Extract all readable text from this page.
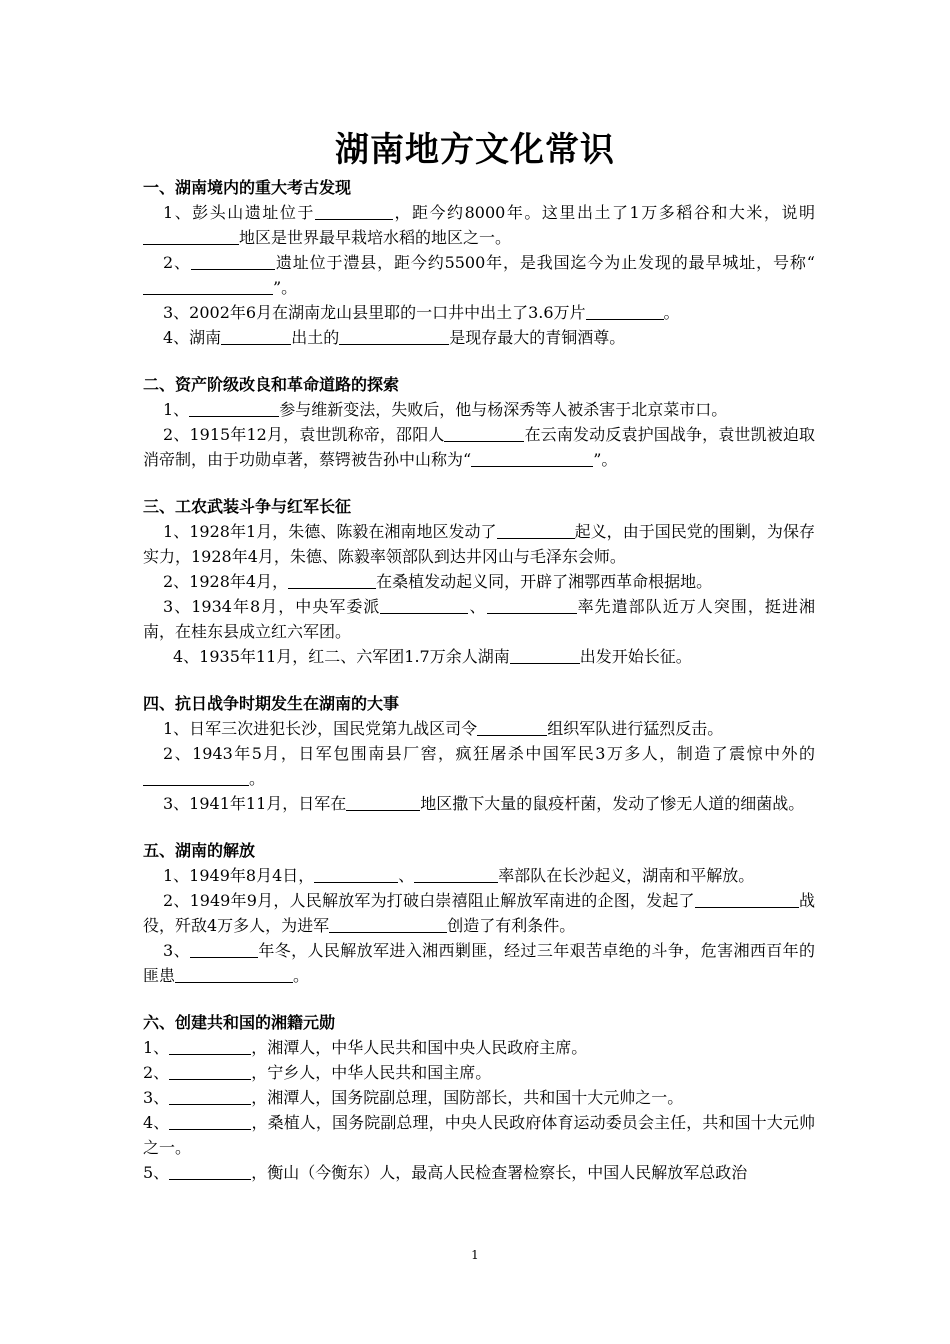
湖南地方文化常识
一、湖南境内的重大考古发现

1、彭头山遗址位于	，距今约8000年。这里出土了1万多稻谷和大米，说明地区是世界最早栽培水稻的地区之一。

2、	遗址位于澧县，距今约5500年，是我国迄今为止发现的最早城址，号称“”。

3、2002年6月在湖南龙山县里耶的一口井中出土了3.6万片	。

4、湖南	出土的	是现存最大的青铜酒尊。

二、资产阶级改良和革命道路的探索

1、	参与维新变法，失败后，他与杨深秀等人被杀害于北京菜市口。

2、1915年12月，袁世凯称帝，邵阳人	在云南发动反袁护国战争，袁世凯被迫取消帝制，由于功勋卓著，蔡锷被告孙中山称为“	”。

三、工农武装斗争与红军长征

1、1928年1月，朱德、陈毅在湘南地区发动了	起义，由于国民党的围剿，为保存实力，1928年4月，朱德、陈毅率领部队到达井冈山与毛泽东会师。

2、1928年4月，	在桑植发动起义同，开辟了湘鄂西革命根据地。

3、1934年8月，中央军委派	、	率先遣部队近万人突围，挺进湘南，在桂东县成立红六军团。

4、1935年11月，红二、六军团1.7万余人湖南	出发开始长征。

四、抗日战争时期发生在湖南的大事

1、日军三次进犯长沙，国民党第九战区司令	组织军队进行猛烈反击。

2、1943年5月，日军包围南县厂窖，疯狂屠杀中国军民3万多人，制造了震惊中外的。

3、1941年11月，日军在	地区撒下大量的鼠疫杆菌，发动了惨无人道的细菌战。

五、湖南的解放

1、1949年8月4日，	、	率部队在长沙起义，湖南和平解放。

2、1949年9月，人民解放军为打破白崇禧阻止解放军南进的企图，发起了	战役，歼敌4万多人，为进军	创造了有利条件。

3、	年冬，人民解放军进入湘西剿匪，经过三年艰苦卓绝的斗争，危害湘西百年的匪患	。

六、创建共和国的湘籍元勋

1、	，湘潭人，中华人民共和国中央人民政府主席。

2、	，宁乡人，中华人民共和国主席。

3、	，湘潭人，国务院副总理，国防部长，共和国十大元帅之一。

4、	，桑植人，国务院副总理，中央人民政府体育运动委员会主任，共和国十大元帅之一。

5、	，衡山（今衡东）人，最高人民检查署检察长，中国人民解放军总政治

1
